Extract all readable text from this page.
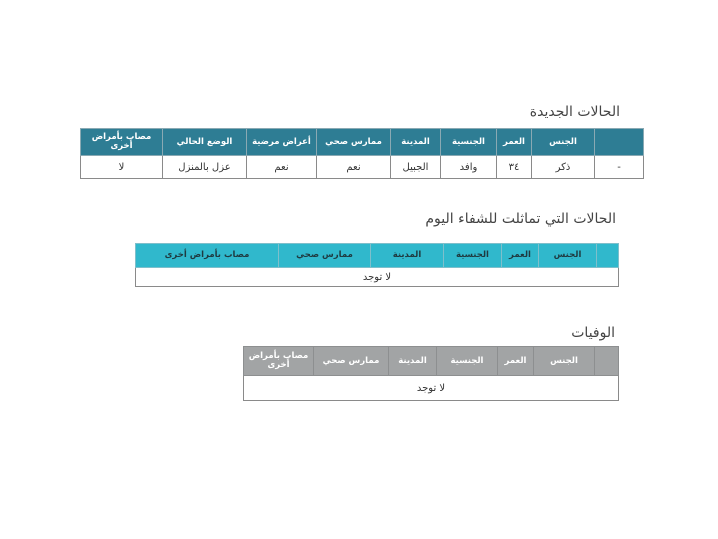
الحالات الجديدة
	الجنس	العمر	الجنسية	المدينة	ممارس صحي	أعراض مرضية	الوضع الحالي	مصاب بأمراض أخرى
-	ذكر	٣٤	وافد	الجبيل	نعم	نعم	عزل بالمنزل	لا
الحالات التي تماثلت للشفاء اليوم
	الجنس	العمر	الجنسية	المدينة	ممارس صحي	مصاب بأمراض أخرى
لا توجد
الوفيات
	الجنس	العمر	الجنسية	المدينة	ممارس صحي	مصاب بأمراض أخرى
لا توجد
